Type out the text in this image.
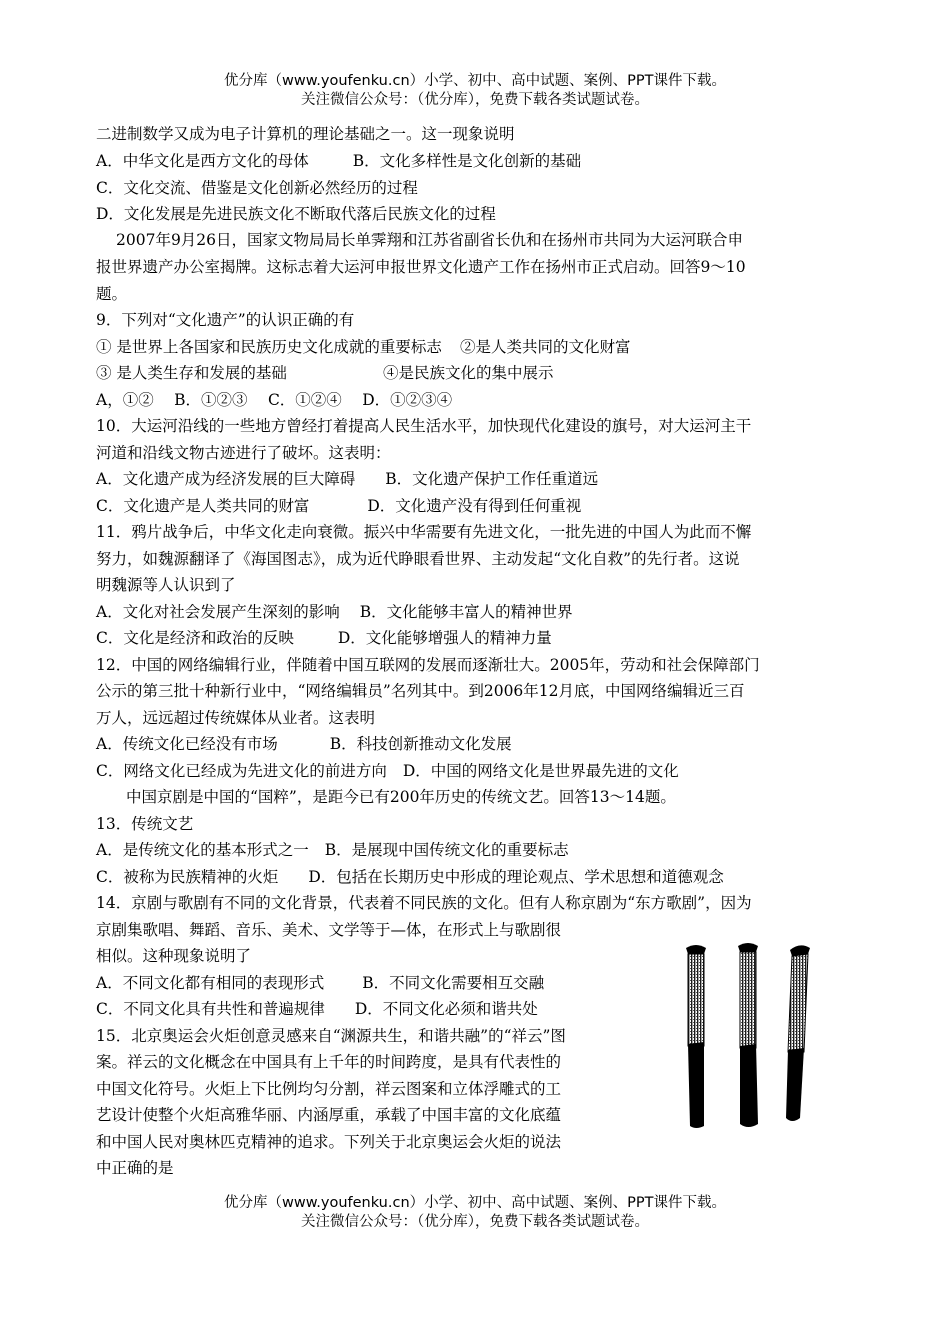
优分库（www.youfenku.cn）小学、初中、高中试题、案例、PPT课件下载。
关注微信公众号：（优分库），免费下载各类试题试卷。
二进制数学又成为电子计算机的理论基础之一。这一现象说明
A．中华文化是西方文化的母体	B．文化多样性是文化创新的基础
C．文化交流、借鉴是文化创新必然经历的过程
D．文化发展是先进民族文化不断取代落后民族文化的过程
2007年9月26日，国家文物局局长单霁翔和江苏省副省长仇和在扬州市共同为大运河联合申
报世界遗产办公室揭牌。这标志着大运河申报世界文化遗产工作在扬州市正式启动。回答9～10
题。
9．下列对“文化遗产”的认识正确的有
① 是世界上各国家和民族历史文化成就的重要标志 ②是人类共同的文化财富
③ 是人类生存和发展的基础	④是民族文化的集中展示
A，①②　 B．①②③　 C．①②④　 D．①②③④
10．大运河沿线的一些地方曾经打着提高人民生活水平，加快现代化建设的旗号，对大运河主干
河道和沿线文物古迹进行了破坏。这表明：
A．文化遗产成为经济发展的巨大障碍 B．文化遗产保护工作任重道远
C．文化遗产是人类共同的财富	D．文化遗产没有得到任何重视
11．鸦片战争后，中华文化走向衰微。振兴中华需要有先进文化，一批先进的中国人为此而不懈
努力，如魏源翻译了《海国图志》，成为近代睁眼看世界、主动发起“文化自救”的先行者。这说
明魏源等人认识到了
A．文化对社会发展产生深刻的影响 B．文化能够丰富人的精神世界
C．文化是经济和政治的反映	D．文化能够增强人的精神力量
12．中国的网络编辑行业，伴随着中国互联网的发展而逐渐壮大。2005年，劳动和社会保障部门
公示的第三批十种新行业中，“网络编辑员”名列其中。到2006年12月底，中国网络编辑近三百
万人，远远超过传统媒体从业者。这表明
A．传统文化已经没有市场	B．科技创新推动文化发展
C．网络文化已经成为先进文化的前进方向 D．中国的网络文化是世界最先进的文化
中国京剧是中国的“国粹”，是距今已有200年历史的传统文艺。回答13～14题。
13．传统文艺
A．是传统文化的基本形式之一 B．是展现中国传统文化的重要标志
C．被称为民族精神的火炬 D．包括在长期历史中形成的理论观点、学术思想和道德观念
14．京剧与歌剧有不同的文化背景，代表着不同民族的文化。但有人称京剧为“东方歌剧”，因为
京剧集歌唱、舞蹈、音乐、美术、文学等于—体，在形式上与歌剧很
相似。这种现象说明了
A．不同文化都有相同的表现形式 B．不同文化需要相互交融
C．不同文化具有共性和普遍规律 D．不同文化必须和谐共处
15．北京奥运会火炬创意灵感来自“渊源共生，和谐共融”的“祥云”图
案。祥云的文化概念在中国具有上千年的时间跨度，是具有代表性的
中国文化符号。火炬上下比例均匀分割，祥云图案和立体浮雕式的工
艺设计使整个火炬高雅华丽、内涵厚重，承载了中国丰富的文化底蕴
和中国人民对奥林匹克精神的追求。下列关于北京奥运会火炬的说法
中正确的是
优分库（www.youfenku.cn）小学、初中、高中试题、案例、PPT课件下载。
关注微信公众号：（优分库），免费下载各类试题试卷。
